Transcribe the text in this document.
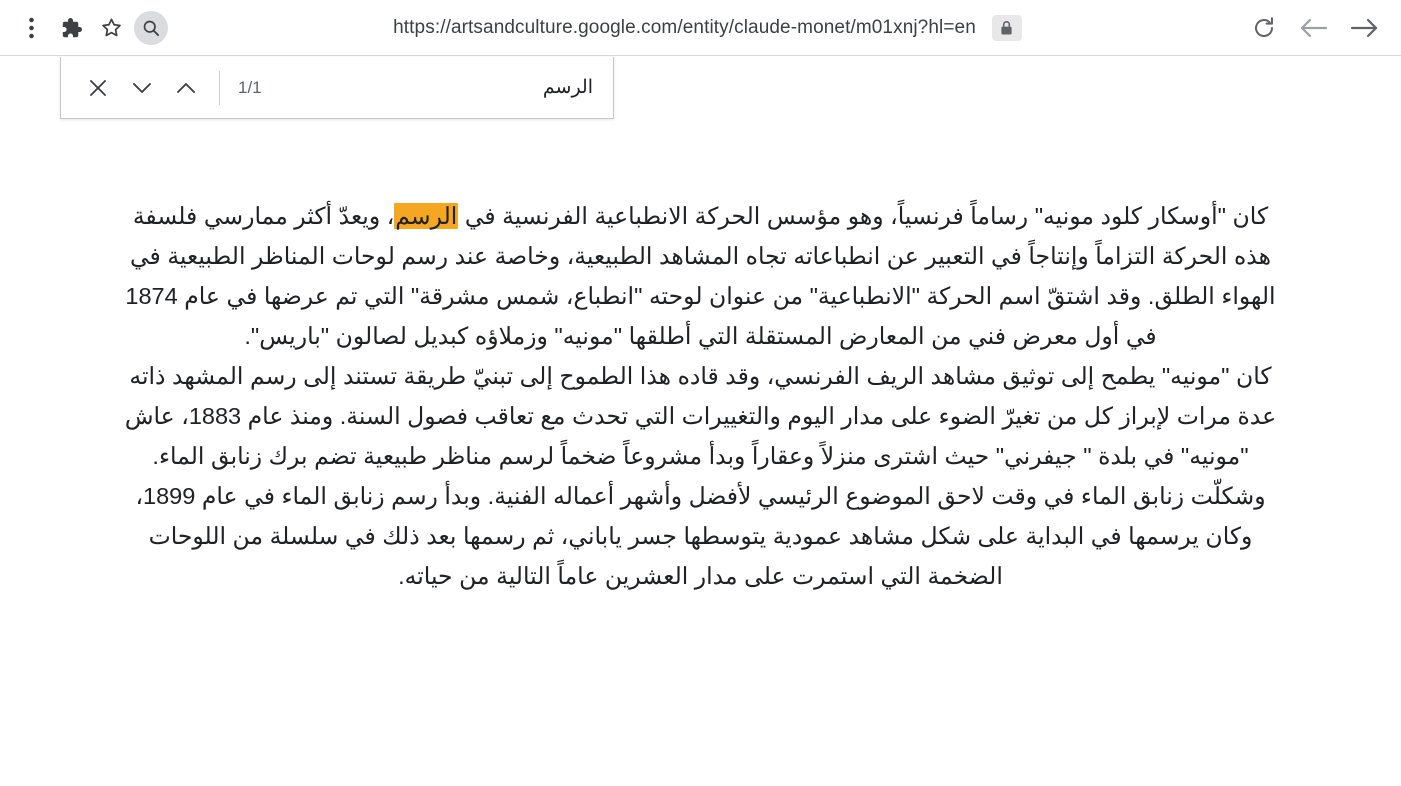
https://artsandculture.google.com/entity/claude-monet/m01xnj?hl=en
1/1
الرسم

كان "أوسكار كلود مونيه" رساماً فرنسياً، وهو مؤسس الحركة الانطباعية الفرنسية في الرسم، ويعدّ أكثر ممارسي فلسفة هذه الحركة التزاماً وإنتاجاً في التعبير عن انطباعاته تجاه المشاهد الطبيعية، وخاصة عند رسم لوحات المناظر الطبيعية في الهواء الطلق. وقد اشتقّ اسم الحركة "الانطباعية" من عنوان لوحته "انطباع، شمس مشرقة" التي تم عرضها في عام 1874 في أول معرض فني من المعارض المستقلة التي أطلقها "مونيه" وزملاؤه كبديل لصالون "باريس".

كان "مونيه" يطمح إلى توثيق مشاهد الريف الفرنسي، وقد قاده هذا الطموح إلى تبنيّ طريقة تستند إلى رسم المشهد ذاته عدة مرات لإبراز كل من تغيرّ الضوء على مدار اليوم والتغييرات التي تحدث مع تعاقب فصول السنة. ومنذ عام 1883، عاش "مونيه" في بلدة " جيفرني" حيث اشترى منزلاً وعقاراً وبدأ مشروعاً ضخماً لرسم مناظر طبيعية تضم برك زنابق الماء. وشكلّت زنابق الماء في وقت لاحق الموضوع الرئيسي لأفضل وأشهر أعماله الفنية. وبدأ رسم زنابق الماء في عام 1899، وكان يرسمها في البداية على شكل مشاهد عمودية يتوسطها جسر ياباني، ثم رسمها بعد ذلك في سلسلة من اللوحات الضخمة التي استمرت على مدار العشرين عاماً التالية من حياته.
